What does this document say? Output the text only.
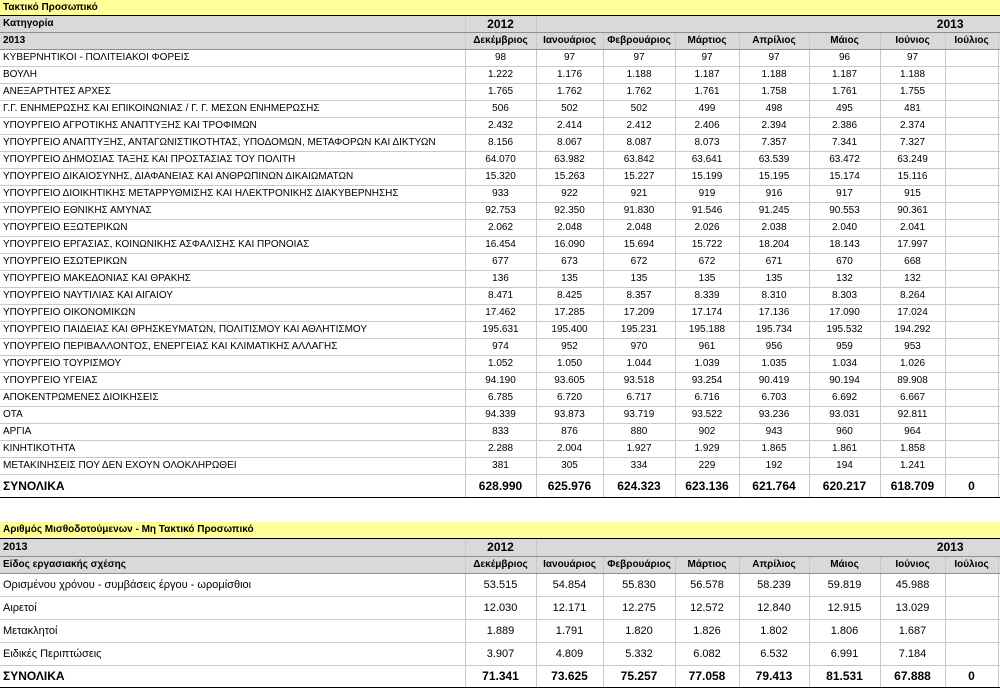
Τακτικό Προσωπικό									
Κατηγορία	2012	2013							
2013	Δεκέμβριος	Ιανουάριος	Φεβρουάριος	Μάρτιος	Απρίλιος	Μάιος	Ιούνιος	Ιούλιος	
ΚΥΒΕΡΝΗΤΙΚΟΙ - ΠΟΛΙΤΕΙΑΚΟΙ ΦΟΡΕΙΣ	98	97	97	97	97	96	97		
ΒΟΥΛΗ	1.222	1.176	1.188	1.187	1.188	1.187	1.188		
ΑΝΕΞΑΡΤΗΤΕΣ ΑΡΧΕΣ	1.765	1.762	1.762	1.761	1.758	1.761	1.755		
Γ.Γ. ΕΝΗΜΕΡΩΣΗΣ ΚΑΙ ΕΠΙΚΟΙΝΩΝΙΑΣ / Γ. Γ. ΜΕΣΩΝ ΕΝΗΜΕΡΩΣΗΣ	506	502	502	499	498	495	481		
ΥΠΟΥΡΓΕΙΟ ΑΓΡΟΤΙΚΗΣ ΑΝΑΠΤΥΞΗΣ ΚΑΙ ΤΡΟΦΙΜΩΝ	2.432	2.414	2.412	2.406	2.394	2.386	2.374		
ΥΠΟΥΡΓΕΙΟ ΑΝΑΠΤΥΞΗΣ, ΑΝΤΑΓΩΝΙΣΤΙΚΟΤΗΤΑΣ, ΥΠΟΔΟΜΩΝ, ΜΕΤΑΦΟΡΩΝ ΚΑΙ ΔΙΚΤΥΩΝ	8.156	8.067	8.087	8.073	7.357	7.341	7.327		
ΥΠΟΥΡΓΕΙΟ ΔΗΜΟΣΙΑΣ ΤΑΞΗΣ ΚΑΙ ΠΡΟΣΤΑΣΙΑΣ ΤΟΥ ΠΟΛΙΤΗ	64.070	63.982	63.842	63.641	63.539	63.472	63.249		
ΥΠΟΥΡΓΕΙΟ ΔΙΚΑΙΟΣΥΝΗΣ, ΔΙΑΦΑΝΕΙΑΣ ΚΑΙ ΑΝΘΡΩΠΙΝΩΝ ΔΙΚΑΙΩΜΑΤΩΝ	15.320	15.263	15.227	15.199	15.195	15.174	15.116		
ΥΠΟΥΡΓΕΙΟ ΔΙΟΙΚΗΤΙΚΗΣ ΜΕΤΑΡΡΥΘΜΙΣΗΣ ΚΑΙ ΗΛΕΚΤΡΟΝΙΚΗΣ ΔΙΑΚΥΒΕΡΝΗΣΗΣ	933	922	921	919	916	917	915		
ΥΠΟΥΡΓΕΙΟ ΕΘΝΙΚΗΣ ΑΜΥΝΑΣ	92.753	92.350	91.830	91.546	91.245	90.553	90.361		
ΥΠΟΥΡΓΕΙΟ ΕΞΩΤΕΡΙΚΩΝ	2.062	2.048	2.048	2.026	2.038	2.040	2.041		
ΥΠΟΥΡΓΕΙΟ ΕΡΓΑΣΙΑΣ, ΚΟΙΝΩΝΙΚΗΣ ΑΣΦΑΛΙΣΗΣ ΚΑΙ ΠΡΟΝΟΙΑΣ	16.454	16.090	15.694	15.722	18.204	18.143	17.997		
ΥΠΟΥΡΓΕΙΟ ΕΣΩΤΕΡΙΚΩΝ	677	673	672	672	671	670	668		
ΥΠΟΥΡΓΕΙΟ ΜΑΚΕΔΟΝΙΑΣ ΚΑΙ ΘΡΑΚΗΣ	136	135	135	135	135	132	132		
ΥΠΟΥΡΓΕΙΟ ΝΑΥΤΙΛΙΑΣ ΚΑΙ ΑΙΓΑΙΟΥ	8.471	8.425	8.357	8.339	8.310	8.303	8.264		
ΥΠΟΥΡΓΕΙΟ ΟΙΚΟΝΟΜΙΚΩΝ	17.462	17.285	17.209	17.174	17.136	17.090	17.024		
ΥΠΟΥΡΓΕΙΟ ΠΑΙΔΕΙΑΣ ΚΑΙ ΘΡΗΣΚΕΥΜΑΤΩΝ, ΠΟΛΙΤΙΣΜΟΥ ΚΑΙ ΑΘΛΗΤΙΣΜΟΥ	195.631	195.400	195.231	195.188	195.734	195.532	194.292		
ΥΠΟΥΡΓΕΙΟ ΠΕΡΙΒΑΛΛΟΝΤΟΣ, ΕΝΕΡΓΕΙΑΣ ΚΑΙ ΚΛΙΜΑΤΙΚΗΣ ΑΛΛΑΓΗΣ	974	952	970	961	956	959	953		
ΥΠΟΥΡΓΕΙΟ ΤΟΥΡΙΣΜΟΥ	1.052	1.050	1.044	1.039	1.035	1.034	1.026		
ΥΠΟΥΡΓΕΙΟ ΥΓΕΙΑΣ	94.190	93.605	93.518	93.254	90.419	90.194	89.908		
ΑΠΟΚΕΝΤΡΩΜΕΝΕΣ ΔΙΟΙΚΗΣΕΙΣ	6.785	6.720	6.717	6.716	6.703	6.692	6.667		
ΟΤΑ	94.339	93.873	93.719	93.522	93.236	93.031	92.811		
ΑΡΓΙΑ	833	876	880	902	943	960	964		
ΚΙΝΗΤΙΚΟΤΗΤΑ	2.288	2.004	1.927	1.929	1.865	1.861	1.858		
ΜΕΤΑΚΙΝΗΣΕΙΣ ΠΟΥ ΔΕΝ ΕΧΟΥΝ ΟΛΟΚΛΗΡΩΘΕΙ	381	305	334	229	192	194	1.241		
ΣΥΝΟΛΙΚΑ	628.990	625.976	624.323	623.136	621.764	620.217	618.709	0	

Αριθμός Μισθοδοτούμενων - Μη Τακτικό Προσωπικό									
2013	2012	2013							
Είδος εργασιακής σχέσης	Δεκέμβριος	Ιανουάριος	Φεβρουάριος	Μάρτιος	Απρίλιος	Μάιος	Ιούνιος	Ιούλιος	
Ορισμένου χρόνου - συμβάσεις έργου - ωρομίσθιοι	53.515	54.854	55.830	56.578	58.239	59.819	45.988		
Αιρετοί	12.030	12.171	12.275	12.572	12.840	12.915	13.029		
Μετακλητοί	1.889	1.791	1.820	1.826	1.802	1.806	1.687		
Ειδικές Περιπτώσεις	3.907	4.809	5.332	6.082	6.532	6.991	7.184		
ΣΥΝΟΛΙΚΑ	71.341	73.625	75.257	77.058	79.413	81.531	67.888	0	
